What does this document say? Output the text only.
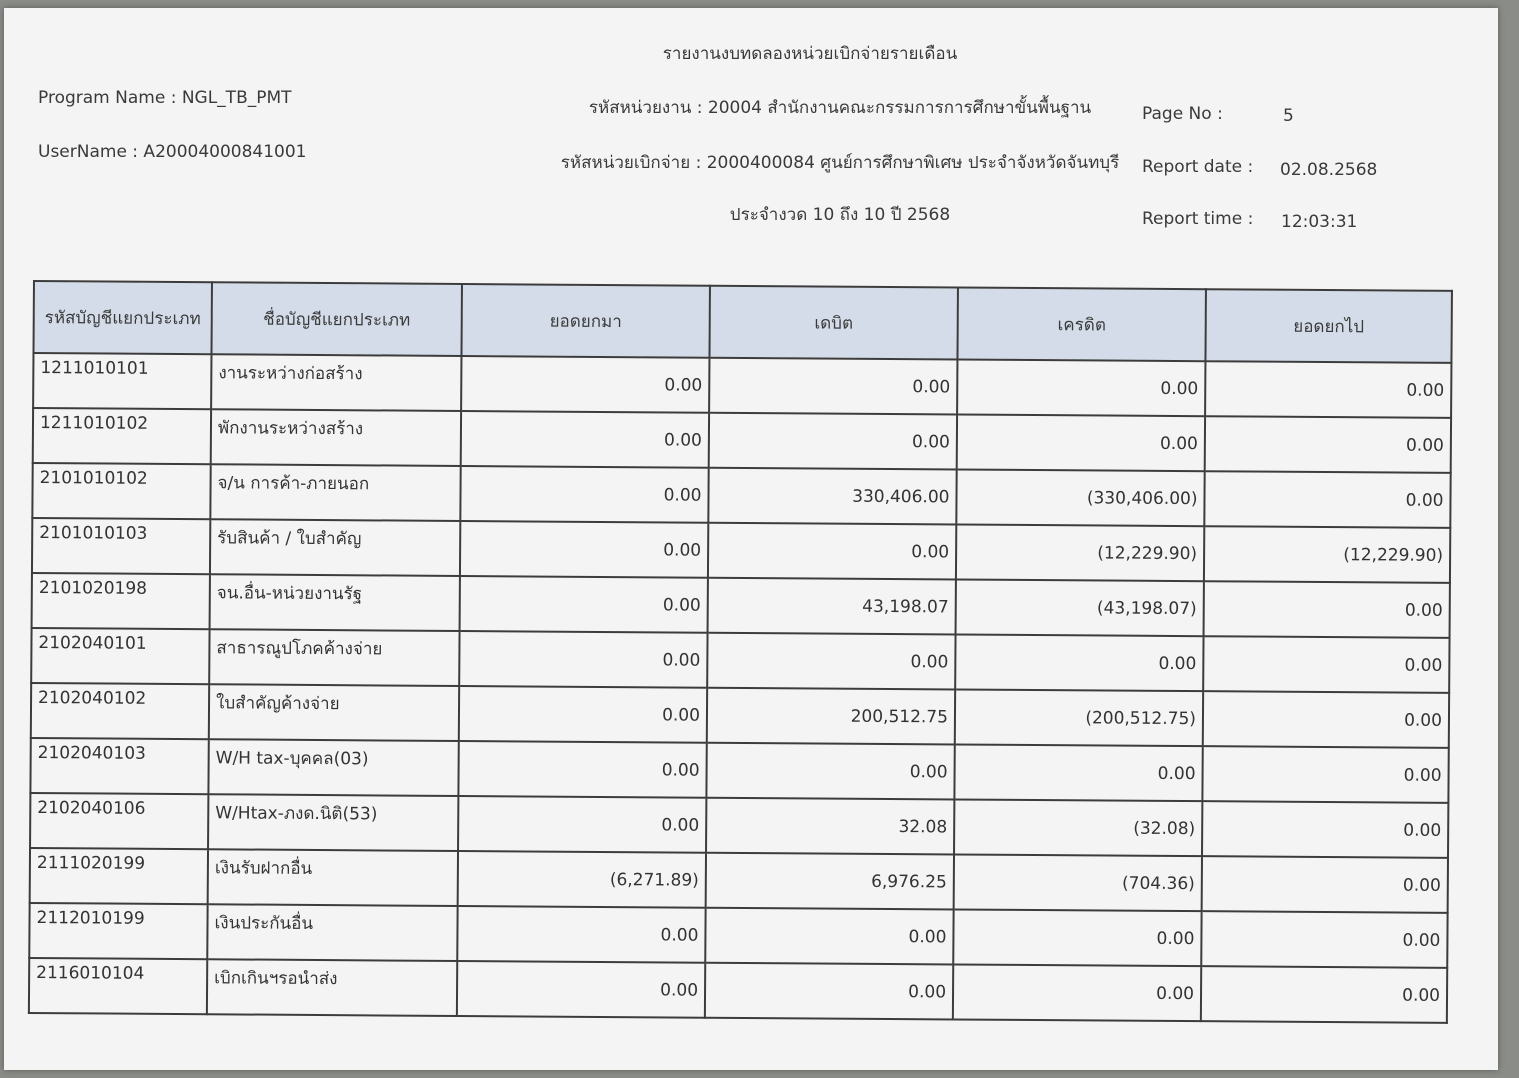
รายงานงบทดลองหน่วยเบิกจ่ายรายเดือน
รหัสหน่วยงาน : 20004 สำนักงานคณะกรรมการการศึกษาขั้นพื้นฐาน
รหัสหน่วยเบิกจ่าย : 2000400084 ศูนย์การศึกษาพิเศษ ประจำจังหวัดจันทบุรี
ประจำงวด 10 ถึง 10 ปี 2568
Program Name : NGL_TB_PMT
UserName : A20004000841001
Page No :	5
Report date : 02.08.2568
Report time : 12:03:31
รหัสบัญชีแยกประเภท	ชื่อบัญชีแยกประเภท	ยอดยกมา	เดบิต	เครดิต	ยอดยกไป
1211010101	งานระหว่างก่อสร้าง	0.00	0.00	0.00	0.00
1211010102	พักงานระหว่างสร้าง	0.00	0.00	0.00	0.00
2101010102	จ/น การค้า-ภายนอก	0.00	330,406.00	(330,406.00)	0.00
2101010103	รับสินค้า / ใบสำคัญ	0.00	0.00	(12,229.90)	(12,229.90)
2101020198	จน.อื่น-หน่วยงานรัฐ	0.00	43,198.07	(43,198.07)	0.00
2102040101	สาธารณูปโภคค้างจ่าย	0.00	0.00	0.00	0.00
2102040102	ใบสำคัญค้างจ่าย	0.00	200,512.75	(200,512.75)	0.00
2102040103	W/H tax-บุคคล(03)	0.00	0.00	0.00	0.00
2102040106	W/Htax-ภงด.นิติ(53)	0.00	32.08	(32.08)	0.00
2111020199	เงินรับฝากอื่น	(6,271.89)	6,976.25	(704.36)	0.00
2112010199	เงินประกันอื่น	0.00	0.00	0.00	0.00
2116010104	เบิกเกินฯรอนำส่ง	0.00	0.00	0.00	0.00
